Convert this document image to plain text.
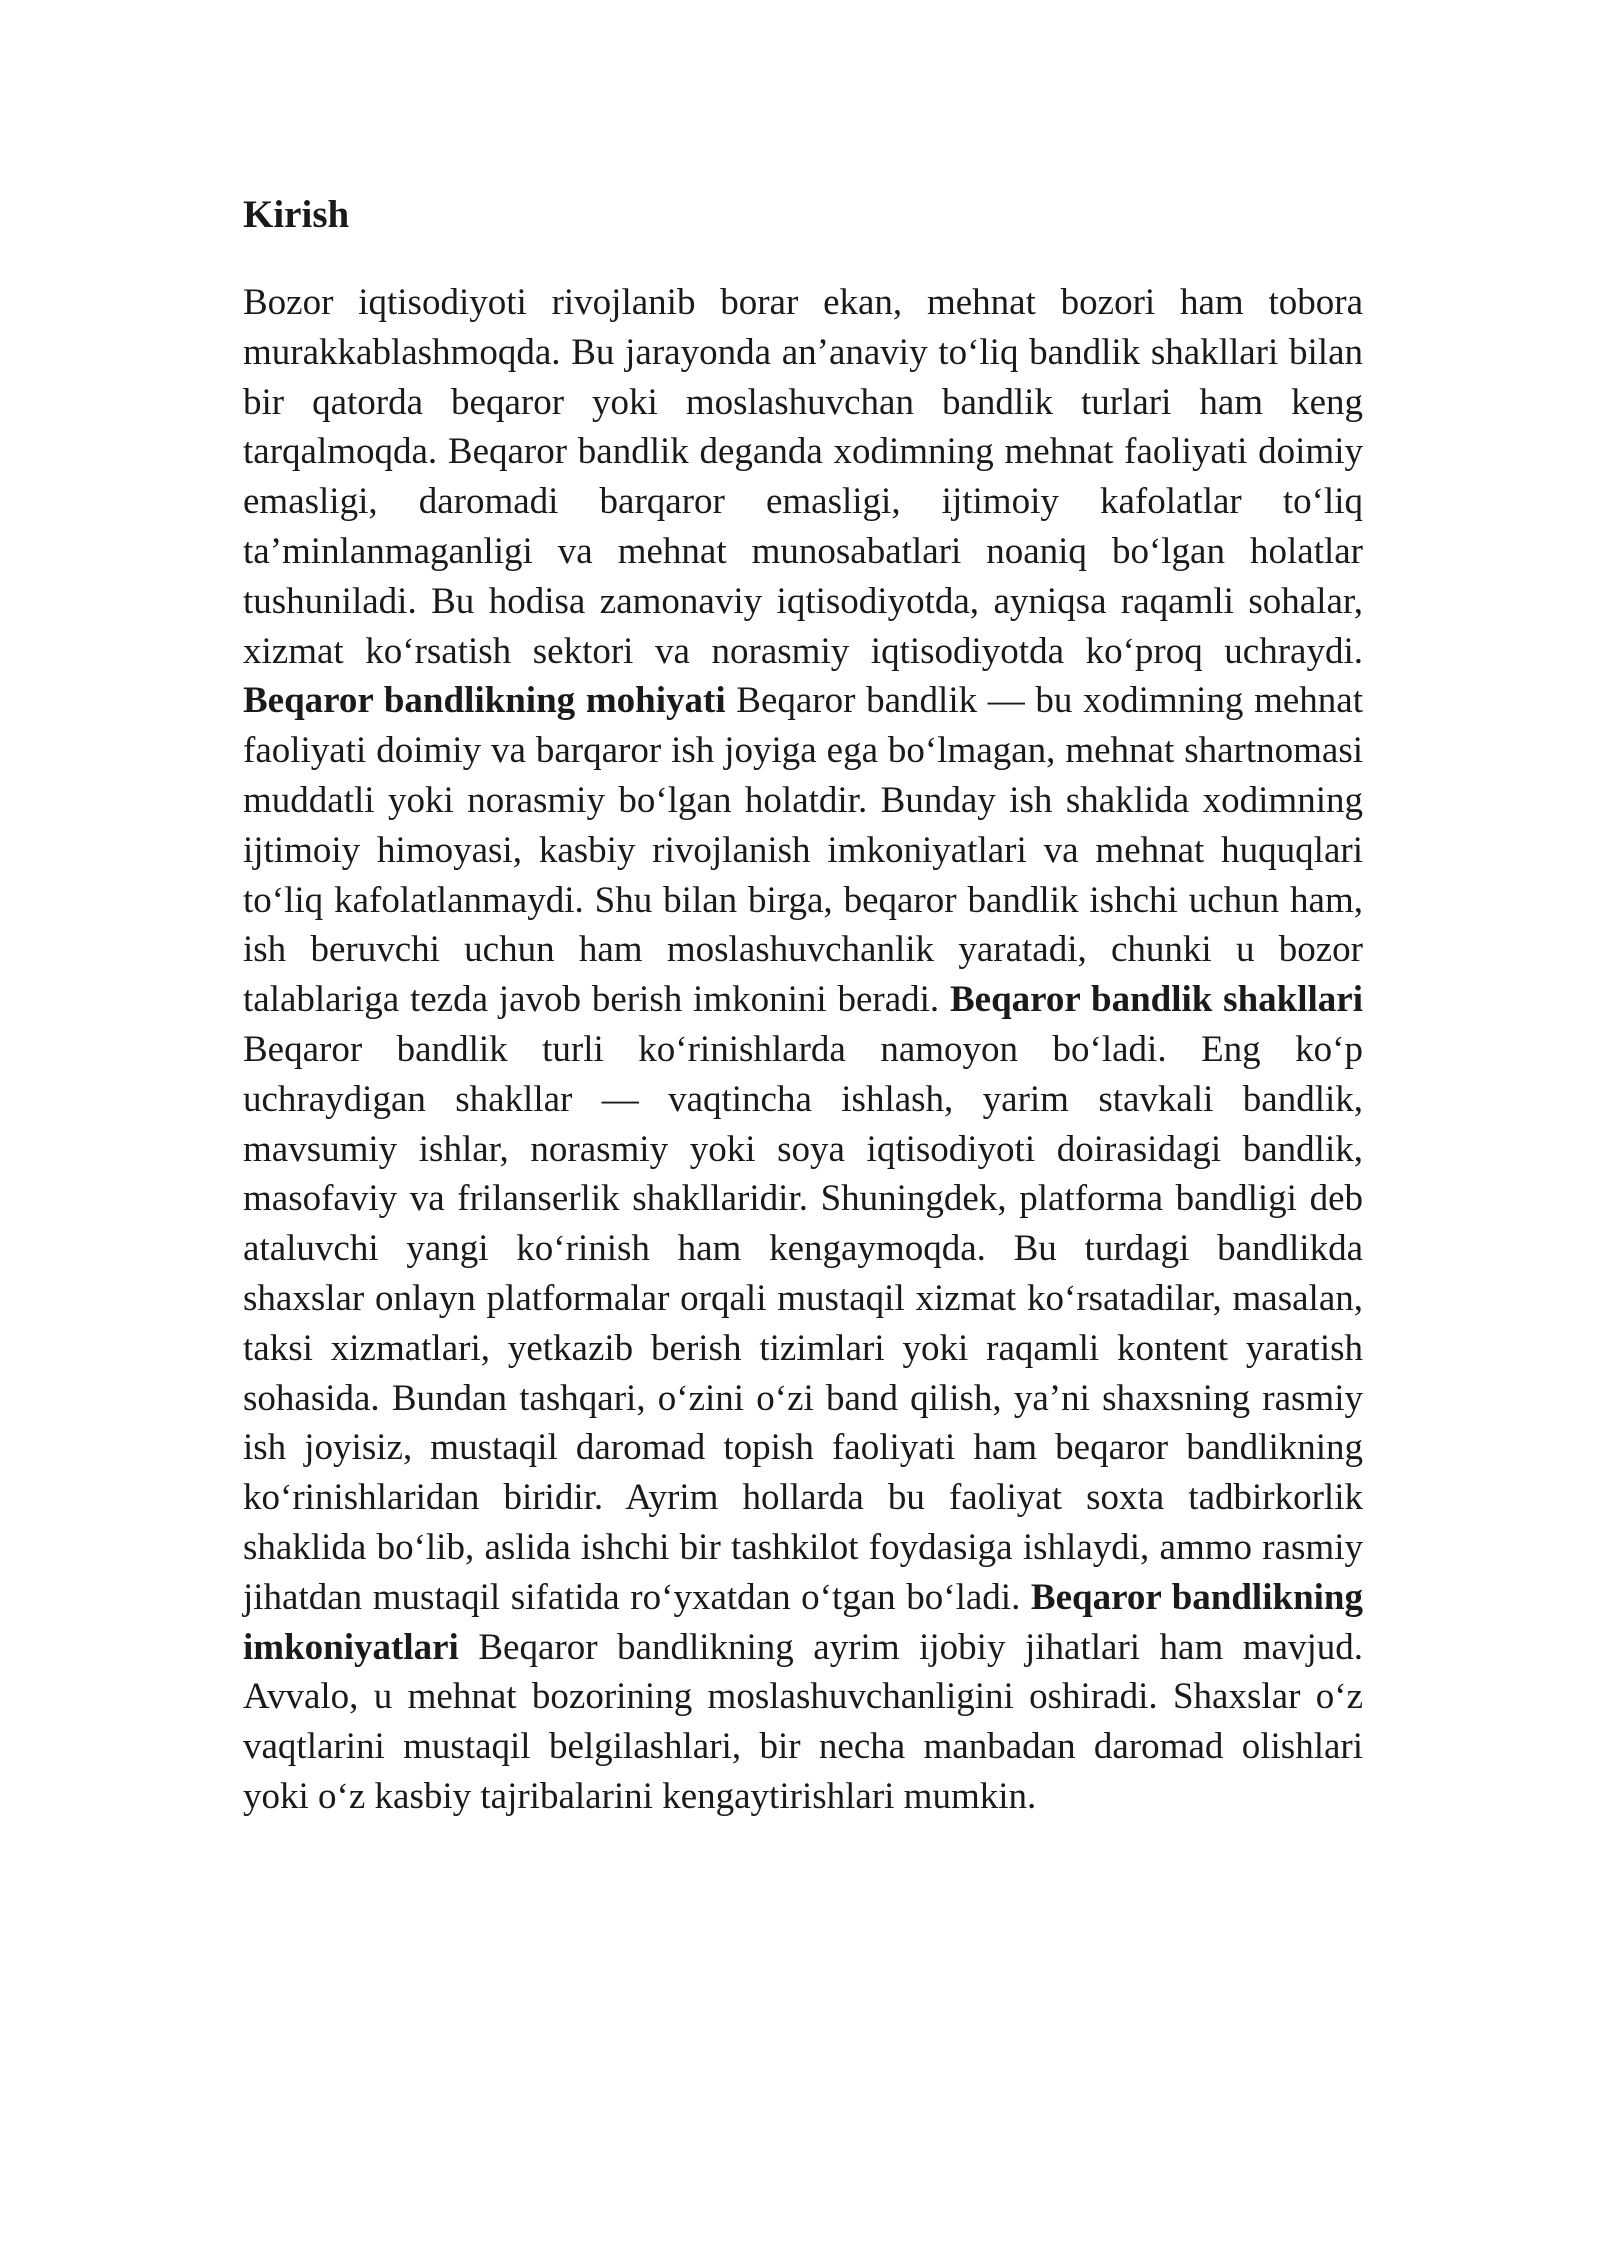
Kirish

Bozor iqtisodiyoti rivojlanib borar ekan, mehnat bozori ham tobora murakkablashmoqda. Bu jarayonda an’anaviy to‘liq bandlik shakllari bilan bir qatorda beqaror yoki moslashuvchan bandlik turlari ham keng tarqalmoqda. Beqaror bandlik deganda xodimning mehnat faoliyati doimiy emasligi, daromadi barqaror emasligi, ijtimoiy kafolatlar to‘liq ta’minlanmaganligi va mehnat munosabatlari noaniq bo‘lgan holatlar tushuniladi. Bu hodisa zamonaviy iqtisodiyotda, ayniqsa raqamli sohalar, xizmat ko‘rsatish sektori va norasmiy iqtisodiyotda ko‘proq uchraydi. Beqaror bandlikning mohiyati Beqaror bandlik — bu xodimning mehnat faoliyati doimiy va barqaror ish joyiga ega bo‘lmagan, mehnat shartnomasi muddatli yoki norasmiy bo‘lgan holatdir. Bunday ish shaklida xodimning ijtimoiy himoyasi, kasbiy rivojlanish imkoniyatlari va mehnat huquqlari to‘liq kafolatlanmaydi. Shu bilan birga, beqaror bandlik ishchi uchun ham, ish beruvchi uchun ham moslashuvchanlik yaratadi, chunki u bozor talablariga tezda javob berish imkonini beradi. Beqaror bandlik shakllari Beqaror bandlik turli ko‘rinishlarda namoyon bo‘ladi. Eng ko‘p uchraydigan shakllar — vaqtincha ishlash, yarim stavkali bandlik, mavsumiy ishlar, norasmiy yoki soya iqtisodiyoti doirasidagi bandlik, masofaviy va frilanserlik shakllaridir. Shuningdek, platforma bandligi deb ataluvchi yangi ko‘rinish ham kengaymoqda. Bu turdagi bandlikda shaxslar onlayn platformalar orqali mustaqil xizmat ko‘rsatadilar, masalan, taksi xizmatlari, yetkazib berish tizimlari yoki raqamli kontent yaratish sohasida. Bundan tashqari, o‘zini o‘zi band qilish, ya’ni shaxsning rasmiy ish joyisiz, mustaqil daromad topish faoliyati ham beqaror bandlikning ko‘rinishlaridan biridir. Ayrim hollarda bu faoliyat soxta tadbirkorlik shaklida bo‘lib, aslida ishchi bir tashkilot foydasiga ishlaydi, ammo rasmiy jihatdan mustaqil sifatida ro‘yxatdan o‘tgan bo‘ladi. Beqaror bandlikning imkoniyatlari Beqaror bandlikning ayrim ijobiy jihatlari ham mavjud. Avvalo, u mehnat bozorining moslashuvchanligini oshiradi. Shaxslar o‘z vaqtlarini mustaqil belgilashlari, bir necha manbadan daromad olishlari yoki o‘z kasbiy tajribalarini kengaytirishlari mumkin.
